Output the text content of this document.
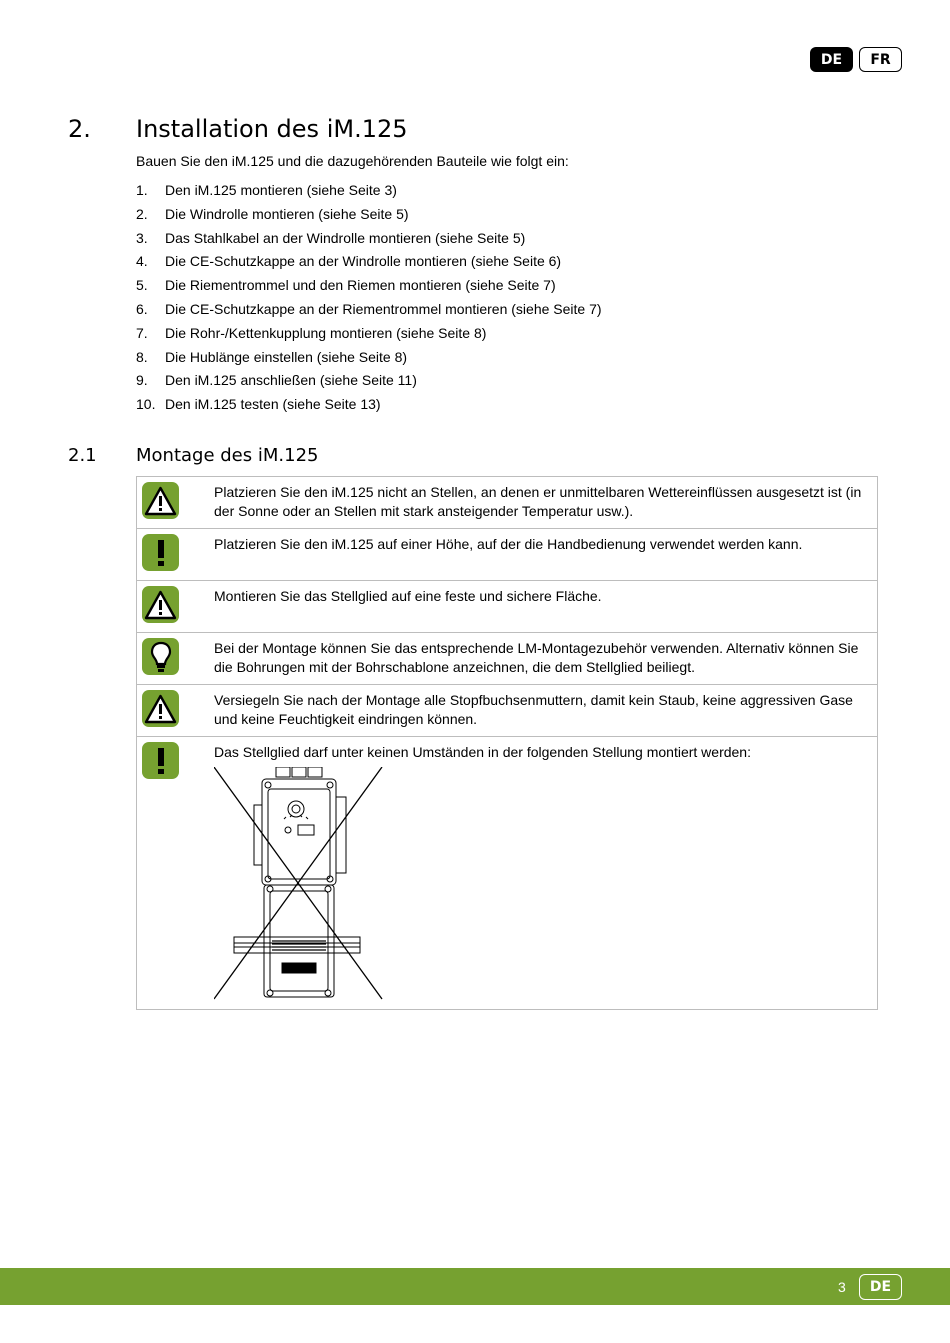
DE	FR
2. Installation des iM.125
Bauen Sie den iM.125 und die dazugehörenden Bauteile wie folgt ein:
1.	Den iM.125 montieren (siehe Seite 3)
2.	Die Windrolle montieren (siehe Seite 5)
3.	Das Stahlkabel an der Windrolle montieren (siehe Seite 5)
4.	Die CE-Schutzkappe an der Windrolle montieren (siehe Seite 6)
5.	Die Riementrommel und den Riemen montieren (siehe Seite 7)
6.	Die CE-Schutzkappe an der Riementrommel montieren (siehe Seite 7)
7.	Die Rohr-/Kettenkupplung montieren (siehe Seite 8)
8.	Die Hublänge einstellen (siehe Seite 8)
9.	Den iM.125 anschließen (siehe Seite 11)
10. Den iM.125 testen (siehe Seite 13)
2.1 Montage des iM.125
Platzieren Sie den iM.125 nicht an Stellen, an denen er unmittelbaren Wettereinflüssen ausgesetzt ist (in der Sonne oder an Stellen mit stark ansteigender Temperatur usw.).
Platzieren Sie den iM.125 auf einer Höhe, auf der die Handbedienung verwendet werden kann.
Montieren Sie das Stellglied auf eine feste und sichere Fläche.
Bei der Montage können Sie das entsprechende LM-Montagezubehör verwenden. Alternativ können Sie die Bohrungen mit der Bohrschablone anzeichnen, die dem Stellglied beiliegt.
Versiegeln Sie nach der Montage alle Stopfbuchsenmuttern, damit kein Staub, keine aggressiven Gase und keine Feuchtigkeit eindringen können.
Das Stellglied darf unter keinen Umständen in der folgenden Stellung montiert werden:
3	DE
